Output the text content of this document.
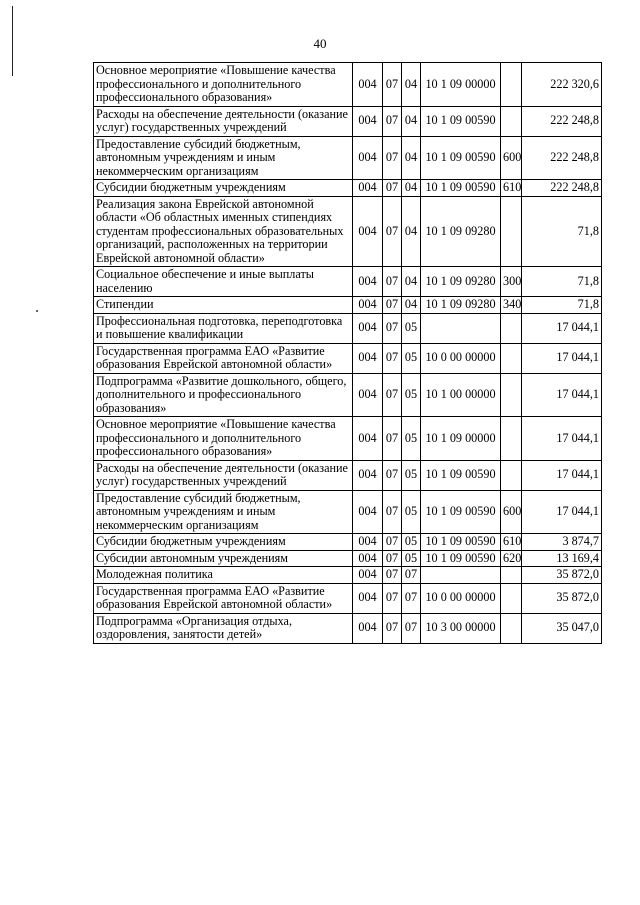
40
Основное мероприятие «Повышение качества профессионального и дополнительного профессионального образования»	004	07	04	10 1 09 00000		222 320,6
Расходы на обеспечение деятельности (оказание услуг) государственных учреждений	004	07	04	10 1 09 00590		222 248,8
Предоставление субсидий бюджетным, автономным учреждениям и иным некоммерческим организациям	004	07	04	10 1 09 00590	600	222 248,8
Субсидии бюджетным учреждениям	004	07	04	10 1 09 00590	610	222 248,8
Реализация закона Еврейской автономной области «Об областных именных стипендиях студентам профессиональных образовательных организаций, расположенных на территории Еврейской автономной области»	004	07	04	10 1 09 09280		71,8
Социальное обеспечение и иные выплаты населению	004	07	04	10 1 09 09280	300	71,8
Стипендии	004	07	04	10 1 09 09280	340	71,8
Профессиональная подготовка, переподготовка и повышение квалификации	004	07	05			17 044,1
Государственная программа ЕАО «Развитие образования Еврейской автономной области»	004	07	05	10 0 00 00000		17 044,1
Подпрограмма «Развитие дошкольного, общего, дополнительного и профессионального образования»	004	07	05	10 1 00 00000		17 044,1
Основное мероприятие «Повышение качества профессионального и дополнительного профессионального образования»	004	07	05	10 1 09 00000		17 044,1
Расходы на обеспечение деятельности (оказание услуг) государственных учреждений	004	07	05	10 1 09 00590		17 044,1
Предоставление субсидий бюджетным, автономным учреждениям и иным некоммерческим организациям	004	07	05	10 1 09 00590	600	17 044,1
Субсидии бюджетным учреждениям	004	07	05	10 1 09 00590	610	3 874,7
Субсидии автономным учреждениям	004	07	05	10 1 09 00590	620	13 169,4
Молодежная политика	004	07	07			35 872,0
Государственная программа ЕАО «Развитие образования Еврейской автономной области»	004	07	07	10 0 00 00000		35 872,0
Подпрограмма «Организация отдыха, оздоровления, занятости детей»	004	07	07	10 3 00 00000		35 047,0
